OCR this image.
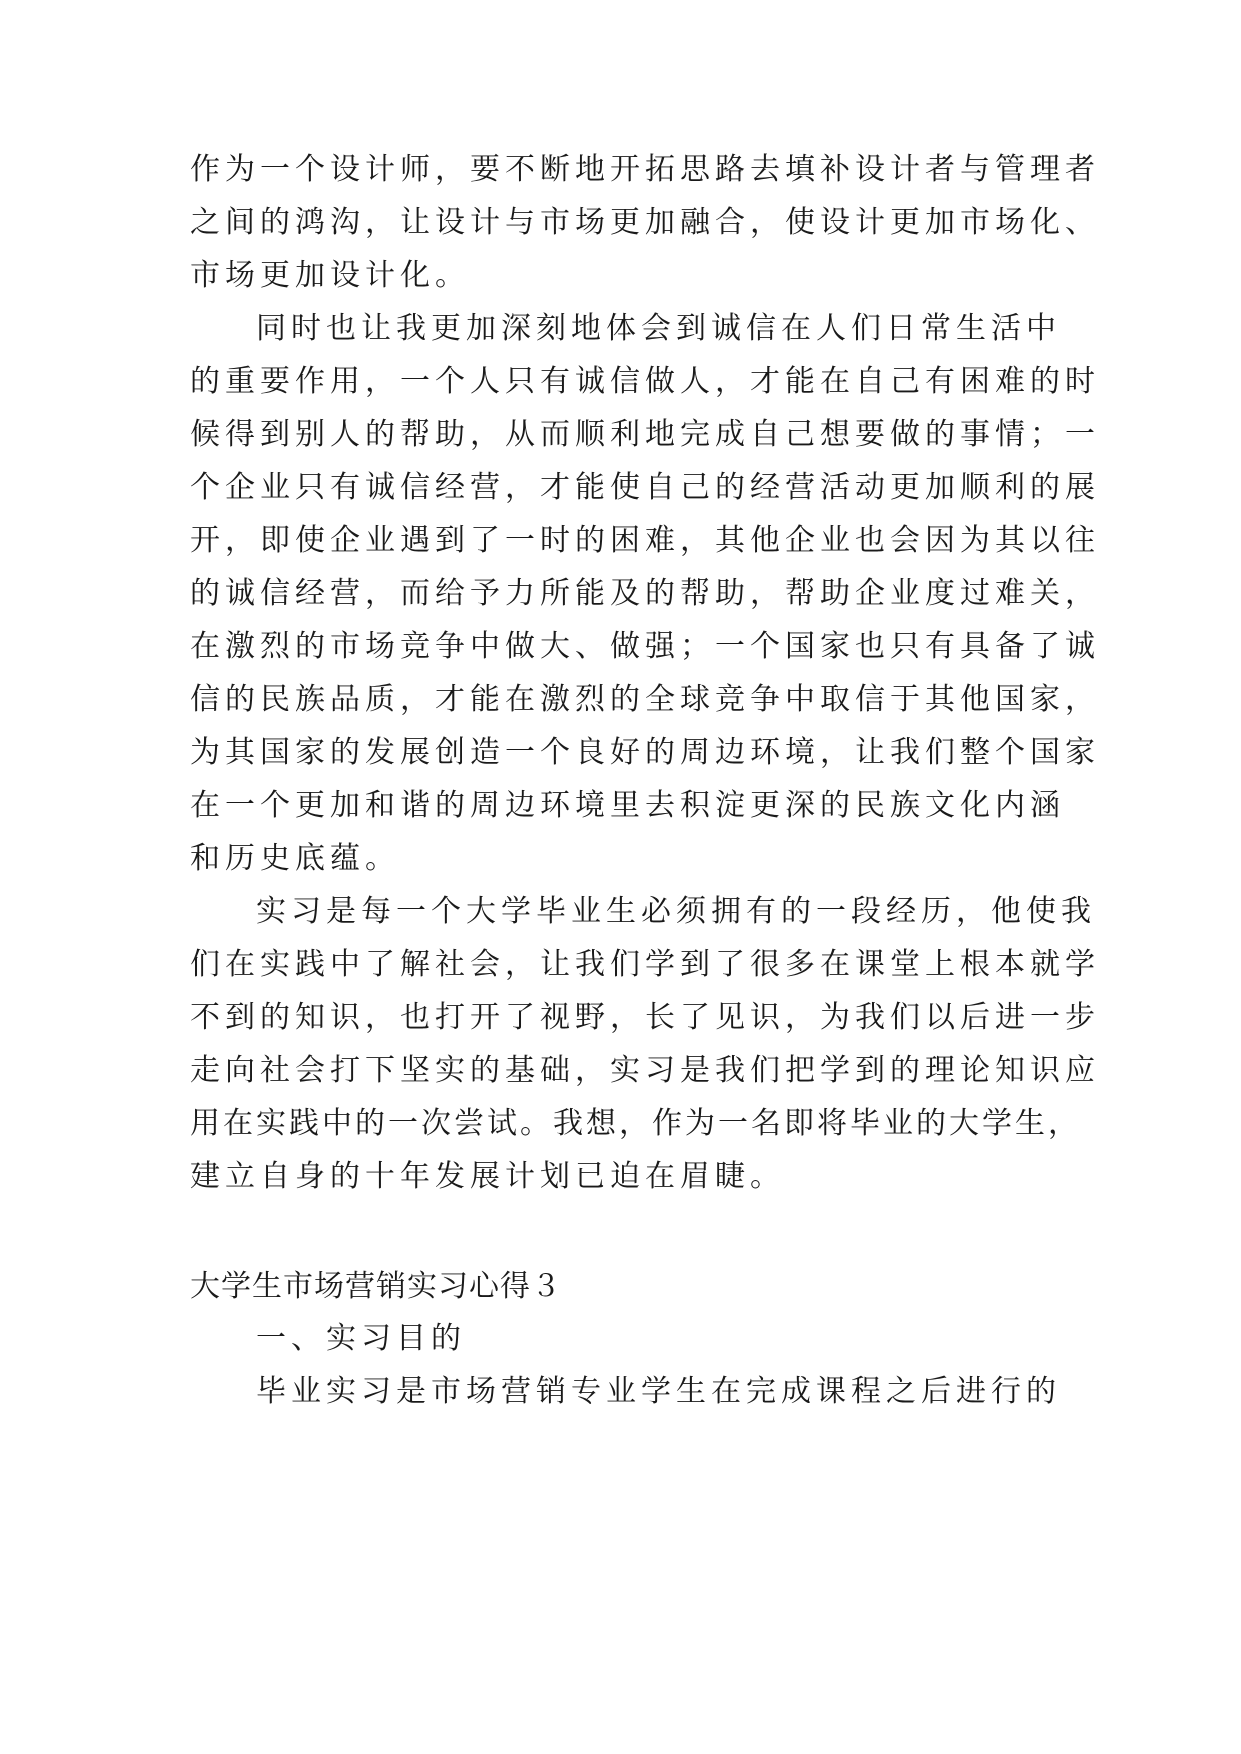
作为一个设计师，要不断地开拓思路去填补设计者与管理者
之间的鸿沟，让设计与市场更加融合，使设计更加市场化、
市场更加设计化。
同时也让我更加深刻地体会到诚信在人们日常生活中
的重要作用，一个人只有诚信做人，才能在自己有困难的时
候得到别人的帮助，从而顺利地完成自己想要做的事情；一
个企业只有诚信经营，才能使自己的经营活动更加顺利的展
开，即使企业遇到了一时的困难，其他企业也会因为其以往
的诚信经营，而给予力所能及的帮助，帮助企业度过难关，
在激烈的市场竞争中做大、做强；一个国家也只有具备了诚
信的民族品质，才能在激烈的全球竞争中取信于其他国家，
为其国家的发展创造一个良好的周边环境，让我们整个国家
在一个更加和谐的周边环境里去积淀更深的民族文化内涵
和历史底蕴。
实习是每一个大学毕业生必须拥有的一段经历，他使我
们在实践中了解社会，让我们学到了很多在课堂上根本就学
不到的知识，也打开了视野，长了见识，为我们以后进一步
走向社会打下坚实的基础，实习是我们把学到的理论知识应
用在实践中的一次尝试。我想，作为一名即将毕业的大学生，
建立自身的十年发展计划已迫在眉睫。
大学生市场营销实习心得３
一、实习目的
毕业实习是市场营销专业学生在完成课程之后进行的
